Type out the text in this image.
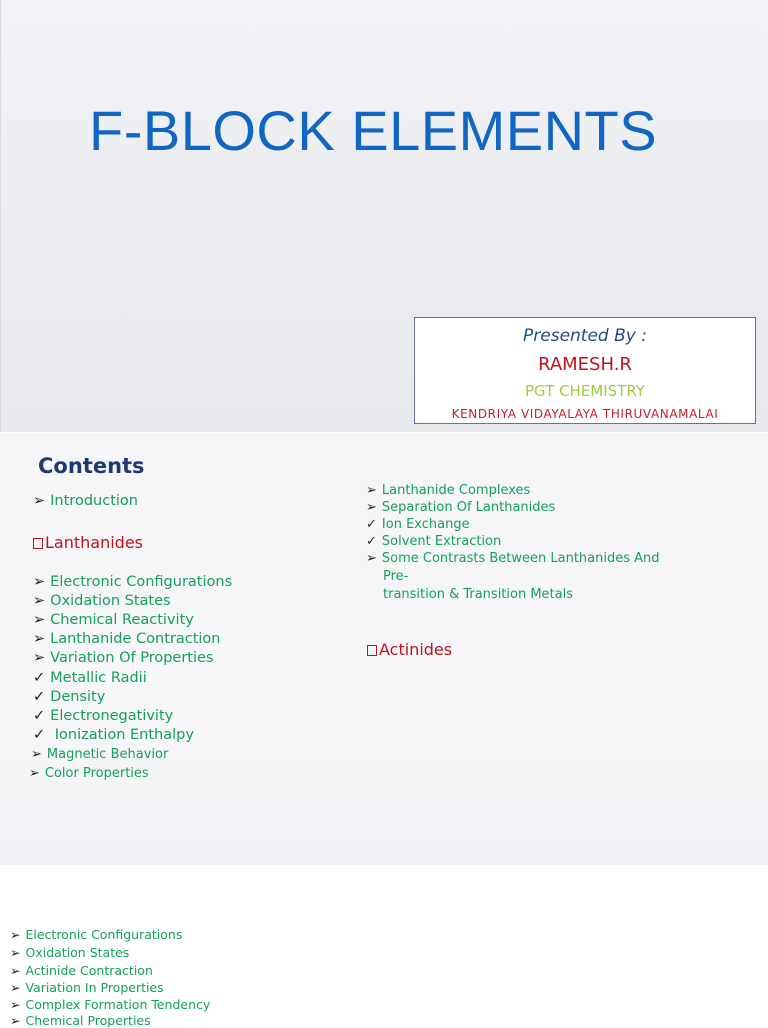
F-BLOCK ELEMENTS
Presented By :
RAMESH.R
PGT CHEMISTRY
KENDRIYA VIDAYALAYA THIRUVANAMALAI
Contents
➢ Introduction
Lanthanides
➢ Electronic Configurations
➢ Oxidation States
➢ Chemical Reactivity
➢ Lanthanide Contraction
➢ Variation Of Properties
✓ Metallic Radii
✓ Density
✓ Electronegativity
✓ Ionization Enthalpy
➢ Magnetic Behavior
➢ Color Properties
➢ Lanthanide Complexes
➢ Separation Of Lanthanides
✓ Ion Exchange
✓ Solvent Extraction
➢ Some Contrasts Between Lanthanides And
Pre-
transition & Transition Metals
Actinides
➢ Electronic Configurations
➢ Oxidation States
➢ Actinide Contraction
➢ Variation In Properties
➢ Complex Formation Tendency
➢ Chemical Properties
